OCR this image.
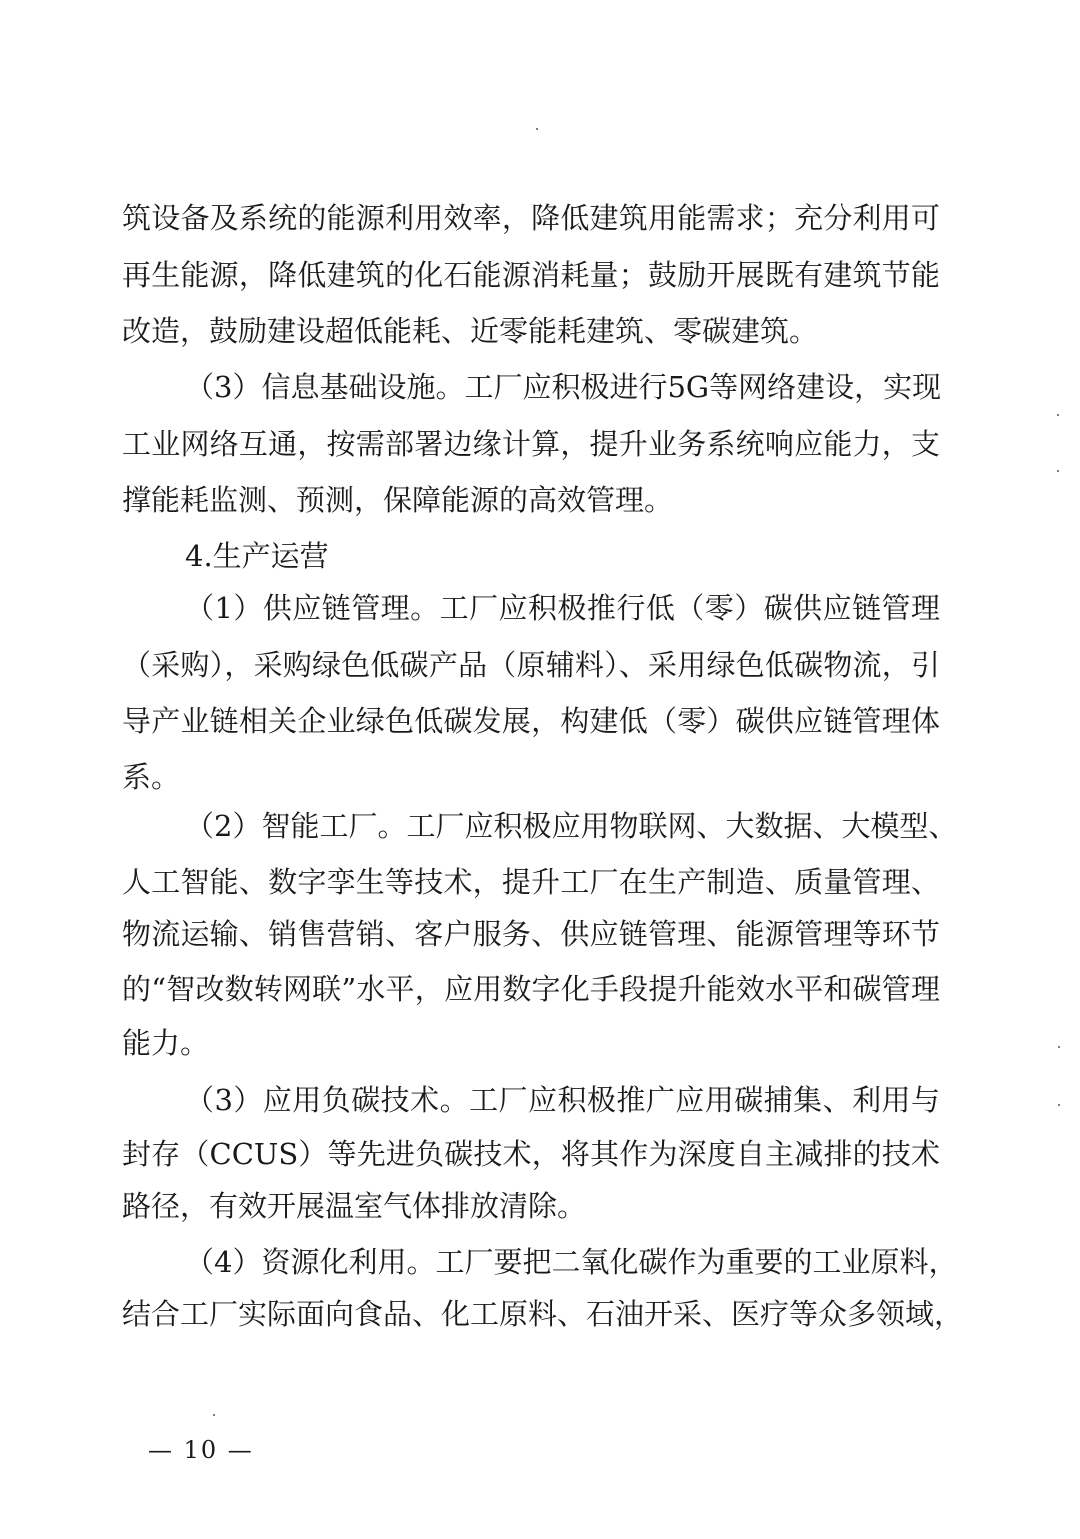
筑设备及系统的能源利用效率，降低建筑用能需求；充分利用可
再生能源，降低建筑的化石能源消耗量；鼓励开展既有建筑节能
改造，鼓励建设超低能耗、近零能耗建筑、零碳建筑。
（3）信息基础设施。工厂应积极进行5G等网络建设，实现
工业网络互通，按需部署边缘计算，提升业务系统响应能力，支
撑能耗监测、预测，保障能源的高效管理。
4.生产运营
（1）供应链管理。工厂应积极推行低（零）碳供应链管理
（采购），采购绿色低碳产品（原辅料）、采用绿色低碳物流，引
导产业链相关企业绿色低碳发展，构建低（零）碳供应链管理体
系。
（2）智能工厂。工厂应积极应用物联网、大数据、大模型、
人工智能、数字孪生等技术，提升工厂在生产制造、质量管理、
物流运输、销售营销、客户服务、供应链管理、能源管理等环节
的“智改数转网联”水平，应用数字化手段提升能效水平和碳管理
能力。
（3）应用负碳技术。工厂应积极推广应用碳捕集、利用与
封存（CCUS）等先进负碳技术，将其作为深度自主减排的技术
路径，有效开展温室气体排放清除。
（4）资源化利用。工厂要把二氧化碳作为重要的工业原料，
结合工厂实际面向食品、化工原料、石油开采、医疗等众多领域，
— 10 —
